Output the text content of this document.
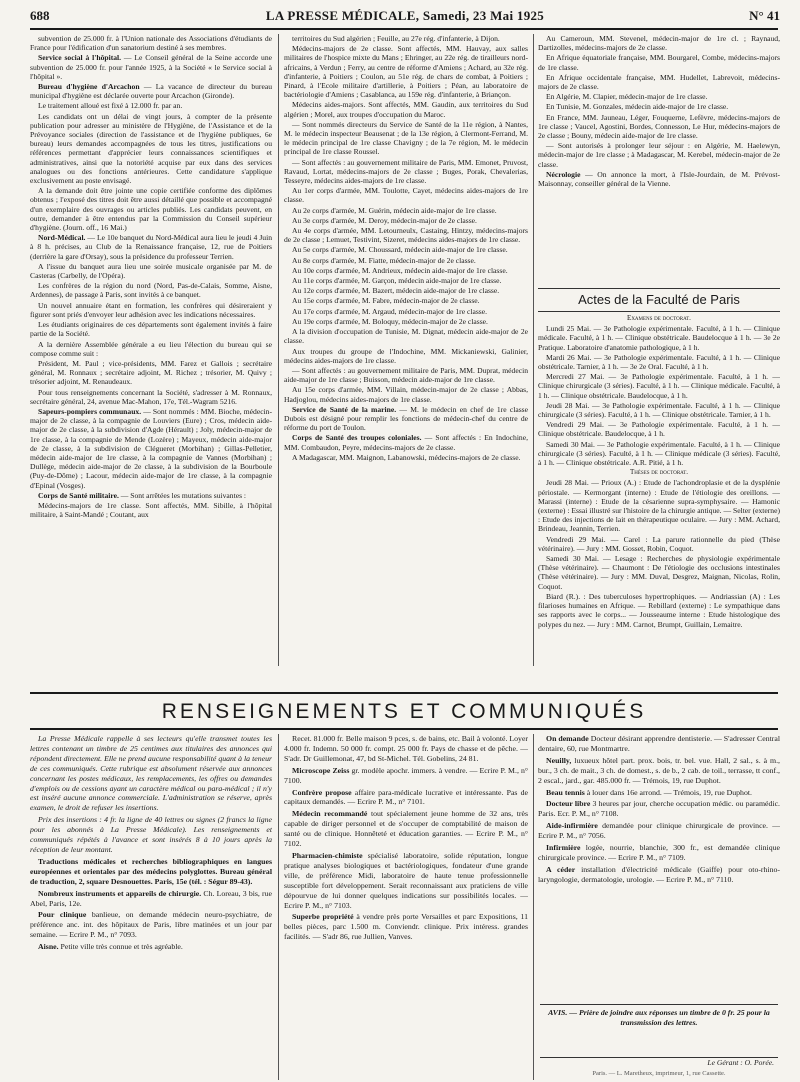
688	LA PRESSE MÉDICALE, Samedi, 23 Mai 1925	N° 41

subvention de 25.000 fr. à l'Union nationale des Associations d'étudiants de France pour l'édification d'un sanatorium destiné à ses membres.

Service social à l'hôpital. — Le Conseil général de la Seine accorde une subvention de 25.000 fr. pour l'année 1925, à la Société « le Service social à l'hôpital ».

Bureau d'hygiène d'Arcachon — La vacance de directeur du bureau municipal d'hygiène est déclarée ouverte pour Arcachon (Gironde).

Le traitement alloué est fixé à 12.000 fr. par an.

Les candidats ont un délai de vingt jours, à compter de la présente publication pour adresser au ministère de l'Hygiène, de l'Assistance et de la Prévoyance sociales (direction de l'assistance et de l'hygiène publiques, 6e bureau) leurs demandes accompagnées de tous les titres, justifications ou références permettant d'apprécier leurs connaissances scientifiques et administratives, ainsi que la notoriété acquise par eux dans des services analogues ou des fonctions antérieures. Cette candidature s'applique exclusivement au poste envisagé.

A la demande doit être jointe une copie certifiée conforme des diplômes obtenus ; l'exposé des titres doit être aussi détaillé que possible et accompagné d'un exemplaire des ouvrages ou articles publiés. Les candidats peuvent, en outre, demander à être entendus par la Commission du Conseil supérieur d'hygiène. (Journ. off., 16 Mai.)

Nord-Médical. — Le 10e banquet du Nord-Médical aura lieu le jeudi 4 Juin à 8 h. précises, au Club de la Renaissance française, 12, rue de Poitiers (derrière la gare d'Orsay), sous la présidence du professeur Terrien.

A l'issue du banquet aura lieu une soirée musicale organisée par M. de Casteras (Carbelly, de l'Opéra).

Les confrères de la région du nord (Nord, Pas-de-Calais, Somme, Aisne, Ardennes), de passage à Paris, sont invités à ce banquet.

Un nouvel annuaire étant en formation, les confrères qui désireraient y figurer sont priés d'envoyer leur adhésion avec les indications nécessaires.

Les étudiants originaires de ces départements sont également invités à faire partie de la Société.

A la dernière Assemblée générale a eu lieu l'élection du bureau qui se compose comme suit :

Président, M. Paul ; vice-présidents, MM. Farez et Gallois ; secrétaire général, M. Ronnaux ; secrétaire adjoint, M. Richez ; trésorier, M. Quivy ; trésorier adjoint, M. Renaudeaux.

Pour tous renseignements concernant la Société, s'adresser à M. Ronnaux, secrétaire général, 24, avenue Mac-Mahon, 17e, Tél.-Wagram 5216.

Sapeurs-pompiers communaux. — Sont nommés : MM. Bioche, médecin-major de 2e classe, à la compagnie de Louviers (Eure) ; Cros, médecin aide-major de 2e classe, à la subdivision d'Agde (Hérault) ; Joly, médecin-major de 1re classe, à la compagnie de Mende (Lozère) ; Mayeux, médecin aide-major de 2e classe, à la subdivision de Clégueret (Morbihan) ; Gillas-Pelletier, médecin aide-major de 1re classe, à la compagnie de Vannes (Morbihan) ; Dullège, médecin aide-major de 2e classe, à la subdivision de la Bourboule (Puy-de-Dôme) ; Lacour, médecin aide-major de 1re classe, à la compagnie d'Epinal (Vosges).

Corps de Santé militaire. — Sont arrêtées les mutations suivantes :

Médecins-majors de 1re classe. Sont affectés, MM. Sibille, à l'hôpital militaire, à Saint-Mandé ; Coutant, aux

territoires du Sud algérien ; Feuille, au 27e rég. d'infanterie, à Dijon.

Médecins-majors de 2e classe. Sont affectés, MM. Hauvay, aux salles militaires de l'hospice mixte du Mans ; Ehringer, au 22e rég. de tirailleurs nord-africains, à Verdun ; Ferry, au centre de réforme d'Amiens ; Achard, au 32e rég. d'infanterie, à Poitiers ; Coulon, au 51e rég. de chars de combat, à Poitiers ; Pinard, à l'Ecole militaire d'artillerie, à Poitiers ; Péan, au laboratoire de bactériologie d'Amiens ; Casablanca, au 159e rég. d'infanterie, à Briançon.

Médecins aides-majors. Sont affectés, MM. Gaudin, aux territoires du Sud algérien ; Morel, aux troupes d'occupation du Maroc.

— Sont nommés directeurs du Service de Santé de la 11e région, à Nantes, M. le médecin inspecteur Beausenat ; de la 13e région, à Clermont-Ferrand, M. le médecin principal de 1re classe Chavigny ; de la 7e région, M. le médecin principal de 1re classe Roussel.

— Sont affectés : au gouvernement militaire de Paris, MM. Emonet, Pruvost, Ravaud, Lortat, médecins-majors de 2e classe ; Buges, Porak, Chevalerias, Tesseyre, médecins aides-majors de 1re classe.

Au 1er corps d'armée, MM. Toulotte, Cayet, médecins aides-majors de 1re classe.

Au 2e corps d'armée, M. Guérin, médecin aide-major de 1re classe.

Au 3e corps d'armée, M. Deroy, médecin-major de 2e classe.

Au 4e corps d'armée, MM. Letourneulx, Castaing, Hintzy, médecins-majors de 2e classe ; Lemuet, Testivint, Sizeret, médecins aides-majors de 1re classe.

Au 5e corps d'armée, M. Choussard, médecin aide-major de 1re classe.

Au 8e corps d'armée, M. Fiatte, médecin-major de 2e classe.

Au 10e corps d'armée, M. Andrieux, médecin aide-major de 1re classe.

Au 11e corps d'armée, M. Garçon, médecin aide-major de 1re classe.

Au 12e corps d'armée, M. Bazert, médecin aide-major de 1re classe.

Au 15e corps d'armée, M. Fabre, médecin-major de 2e classe.

Au 17e corps d'armée, M. Argaud, médecin-major de 1re classe.

Au 19e corps d'armée, M. Boloquy, médecin-major de 2e classe.

A la division d'occupation de Tunisie, M. Dignat, médecin aide-major de 2e classe.

Aux troupes du groupe de l'Indochine, MM. Mickaniewski, Galinier, médecins aides-majors de 1re classe.

— Sont affectés : au gouvernement militaire de Paris, MM. Duprat, médecin aide-major de 1re classe ; Buisson, médecin aide-major de 1re classe.

Au 15e corps d'armée, MM. Villain, médecin-major de 2e classe ; Abbas, Hadjoglou, médecins aides-majors de 1re classe.

Service de Santé de la marine. — M. le médecin en chef de 1re classe Dubois est désigné pour remplir les fonctions de médecin-chef du centre de réforme du port de Toulon.

Corps de Santé des troupes coloniales. — Sont affectés : En Indochine, MM. Combaudon, Peyre, médecins-majors de 2e classe.

A Madagascar, MM. Maignon, Labanowski, médecins-majors de 2e classe.

Au Cameroun, MM. Stevenel, médecin-major de 1re cl. ; Raynaud, Dartizolles, médecins-majors de 2e classe.

En Afrique équatoriale française, MM. Bourgarel, Combe, médecins-majors de 1re classe.

En Afrique occidentale française, MM. Hudellet, Labrevoit, médecins-majors de 2e classe.

En Algérie, M. Clapier, médecin-major de 1re classe.

En Tunisie, M. Gonzales, médecin aide-major de 1re classe.

En France, MM. Jauneau, Léger, Fouquerne, Lefèvre, médecins-majors de 1re classe ; Vaucel, Agostini, Bordes, Connesson, Le Hur, médecins-majors de 2e classe ; Bouny, médecin aide-major de 1re classe.

— Sont autorisés à prolonger leur séjour : en Algérie, M. Haelewyn, médecin-major de 1re classe ; à Madagascar, M. Kerebel, médecin-major de 2e classe.

Nécrologie — On annonce la mort, à l'Isle-Jourdain, de M. Prévost-Maisonnay, conseiller général de la Vienne.

Actes de la Faculté de Paris

Examens de doctorat.

Lundi 25 Mai. — 3e Pathologie expérimentale. Faculté, à 1 h. — Clinique médicale. Faculté, à 1 h. — Clinique obstétricale. Baudelocque à 1 h. — 3e 2e Pratique. Laboratoire d'anatomie pathologique, à 1 h.

Mardi 26 Mai. — 3e Pathologie expérimentale. Faculté, à 1 h. — Clinique obstétricale. Tarnier, à 1 h. — 3e 2e Oral. Faculté, à 1 h.

Mercredi 27 Mai. — 3e Pathologie expérimentale. Faculté, à 1 h. — Clinique chirurgicale (3 séries). Faculté, à 1 h. — Clinique médicale. Faculté, à 1 h. — Clinique obstétricale. Baudelocque, à 1 h.

Jeudi 28 Mai. — 3e Pathologie expérimentale. Faculté, à 1 h. — Clinique chirurgicale (3 séries). Faculté, à 1 h. — Clinique obstétricale. Tarnier, à 1 h.

Vendredi 29 Mai. — 3e Pathologie expérimentale. Faculté, à 1 h. — Clinique obstétricale. Baudelocque, à 1 h.

Samedi 30 Mai. — 3e Pathologie expérimentale. Faculté, à 1 h. — Clinique chirurgicale (3 séries). Faculté, à 1 h. — Clinique médicale (3 séries). Faculté, à 1 h. — Clinique obstétricale. A.R. Pitié, à 1 h.

Thèses de doctorat.

Jeudi 28 Mai. — Prioux (A.) : Etude de l'achondroplasie et de la dysplénie périostale. — Kermorgant (interne) : Etude de l'étiologie des oreillons. — Marassi (interne) : Etude de la césarienne supra-symphysaire. — Hamonic (externe) : Essai illustré sur l'histoire de la chirurgie antique. — Selter (externe) : Etude des injections de lait en thérapeutique oculaire. — Jury : MM. Achard, Brindeau, Jeannin, Terrien.

Vendredi 29 Mai. — Carel : La parure rationnelle du pied (Thèse vétérinaire). — Jury : MM. Gosset, Robin, Coquot.

Samedi 30 Mai. — Lesage : Recherches de physiologie expérimentale (Thèse vétérinaire). — Chaumont : De l'étiologie des occlusions intestinales (Thèse vétérinaire). — Jury : MM. Duval, Desgrez, Maignan, Nicolas, Rolin, Coquot.

Biard (R.). : Des tuberculoses hypertrophiques. — Andriassian (A) : Les filarioses humaines en Afrique. — Rebillard (externe) : Le sympathique dans ses rapports avec le corps... — Jousseaume interne : Etude histologique des polypes du nez. — Jury : MM. Carnot, Brumpt, Guillain, Lemaitre.

RENSEIGNEMENTS ET COMMUNIQUÉS

La Presse Médicale rappelle à ses lecteurs qu'elle transmet toutes les lettres contenant un timbre de 25 centimes aux titulaires des annonces qui répondent directement. Elle ne prend aucune responsabilité quant à la teneur de ces communiqués. Cette rubrique est absolument réservée aux annonces concernant les postes médicaux, les remplacements, les offres ou demandes d'emplois ou de cessions ayant un caractère médical ou para-médical ; il n'y est inséré aucune annonce commerciale. L'administration se réserve, après examen, le droit de refuser les insertions.

Prix des insertions : 4 fr. la ligne de 40 lettres ou signes (2 francs la ligne pour les abonnés à La Presse Médicale). Les renseignements et communiqués répétés à l'avance et sont insérés 8 à 10 jours après la réception de leur montant.

Traductions médicales et recherches bibliographiques en langues européennes et orientales par des médecins polyglottes. Bureau général de traduction, 2, square Desnouettes. Paris, 15e (tél. : Ségur 89-43).

Nombreux instruments et appareils de chirurgie. Ch. Loreau, 3 bis, rue Abel, Paris, 12e.

Pour clinique banlieue, on demande médecin neuro-psychiatre, de préférence anc. int. des hôpitaux de Paris, libre matinées et un jour par semaine. — Ecrire P. M., n° 7093.

Aisne. Petite ville très connue et très agréable.

Recet. 81.000 fr. Belle maison 9 pces, s. de bains, etc. Bail à volonté. Loyer 4.000 fr. Indemn. 50 000 fr. compt. 25 000 fr. Pays de chasse et de pêche. — S'adr. Dr Guillemonat, 47, bd St-Michel. Tél. Gobelins, 24 81.

Microscope Zeiss gr. modèle apochr. immers. à vendre. — Ecrire P. M., n° 7100.

Confrère propose affaire para-médicale lucrative et intéressante. Pas de capitaux demandés. — Ecrire P. M., n° 7101.

Médecin recommandé tout spécialement jeune homme de 32 ans, très capable de diriger personnel et de s'occuper de comptabilité de maison de santé ou de clinique. Honnêteté et éducation garanties. — Ecrire P. M., n° 7102.

Pharmacien-chimiste spécialisé laboratoire, solide réputation, longue pratique analyses biologiques et bactériologiques, fondateur d'une grande ville, de préférence Midi, laboratoire de haute tenue professionnelle susceptible fort développement. Serait reconnaissant aux praticiens de ville dépourvue de lui donner quelques indications sur possibilités locales. — Ecrire P. M., n° 7103.

Superbe propriété à vendre près porte Versailles et parc Expositions, 11 belles pièces, parc 1.500 m. Conviendr. clinique. Prix intéress. grandes facilités. — S'adr 86, rue Jullien, Vanves.

On demande Docteur désirant apprendre dentisterie. — S'adresser Central dentaire, 60, rue Montmartre.

Neuilly, luxueux hôtel part. prox. bois, tr. bel. vue. Hall, 2 sal., s. à m., bur., 3 ch. de mait., 3 ch. de domest., s. de b., 2 cab. de toil., terrasse, tt conf., 2 escal., jard., gar. 485.000 fr. — Trémois, 19, rue Duphot.

Beau tennis à louer dans 16e arrond. — Trémois, 19, rue Duphot.

Docteur libre 3 heures par jour, cherche occupation médic. ou paramédic. Paris. Ecr. P. M., n° 7108.

Aide-infirmière demandée pour clinique chirurgicale de province. — Ecrire P. M., n° 7056.

Infirmière logée, nourrie, blanchie, 300 fr., est demandée clinique chirurgicale province. — Ecrire P. M., n° 7109.

A céder installation d'électricité médicale (Gaiffe) pour oto-rhino-laryngologie, dermatologie, urologie. — Ecrire P. M., n° 7110.

AVIS. — Prière de joindre aux réponses un timbre de 0 fr. 25 pour la transmission des lettres.
Le Gérant : O. Porée.
Paris. — L. Maretheux, imprimeur, 1, rue Cassette.
